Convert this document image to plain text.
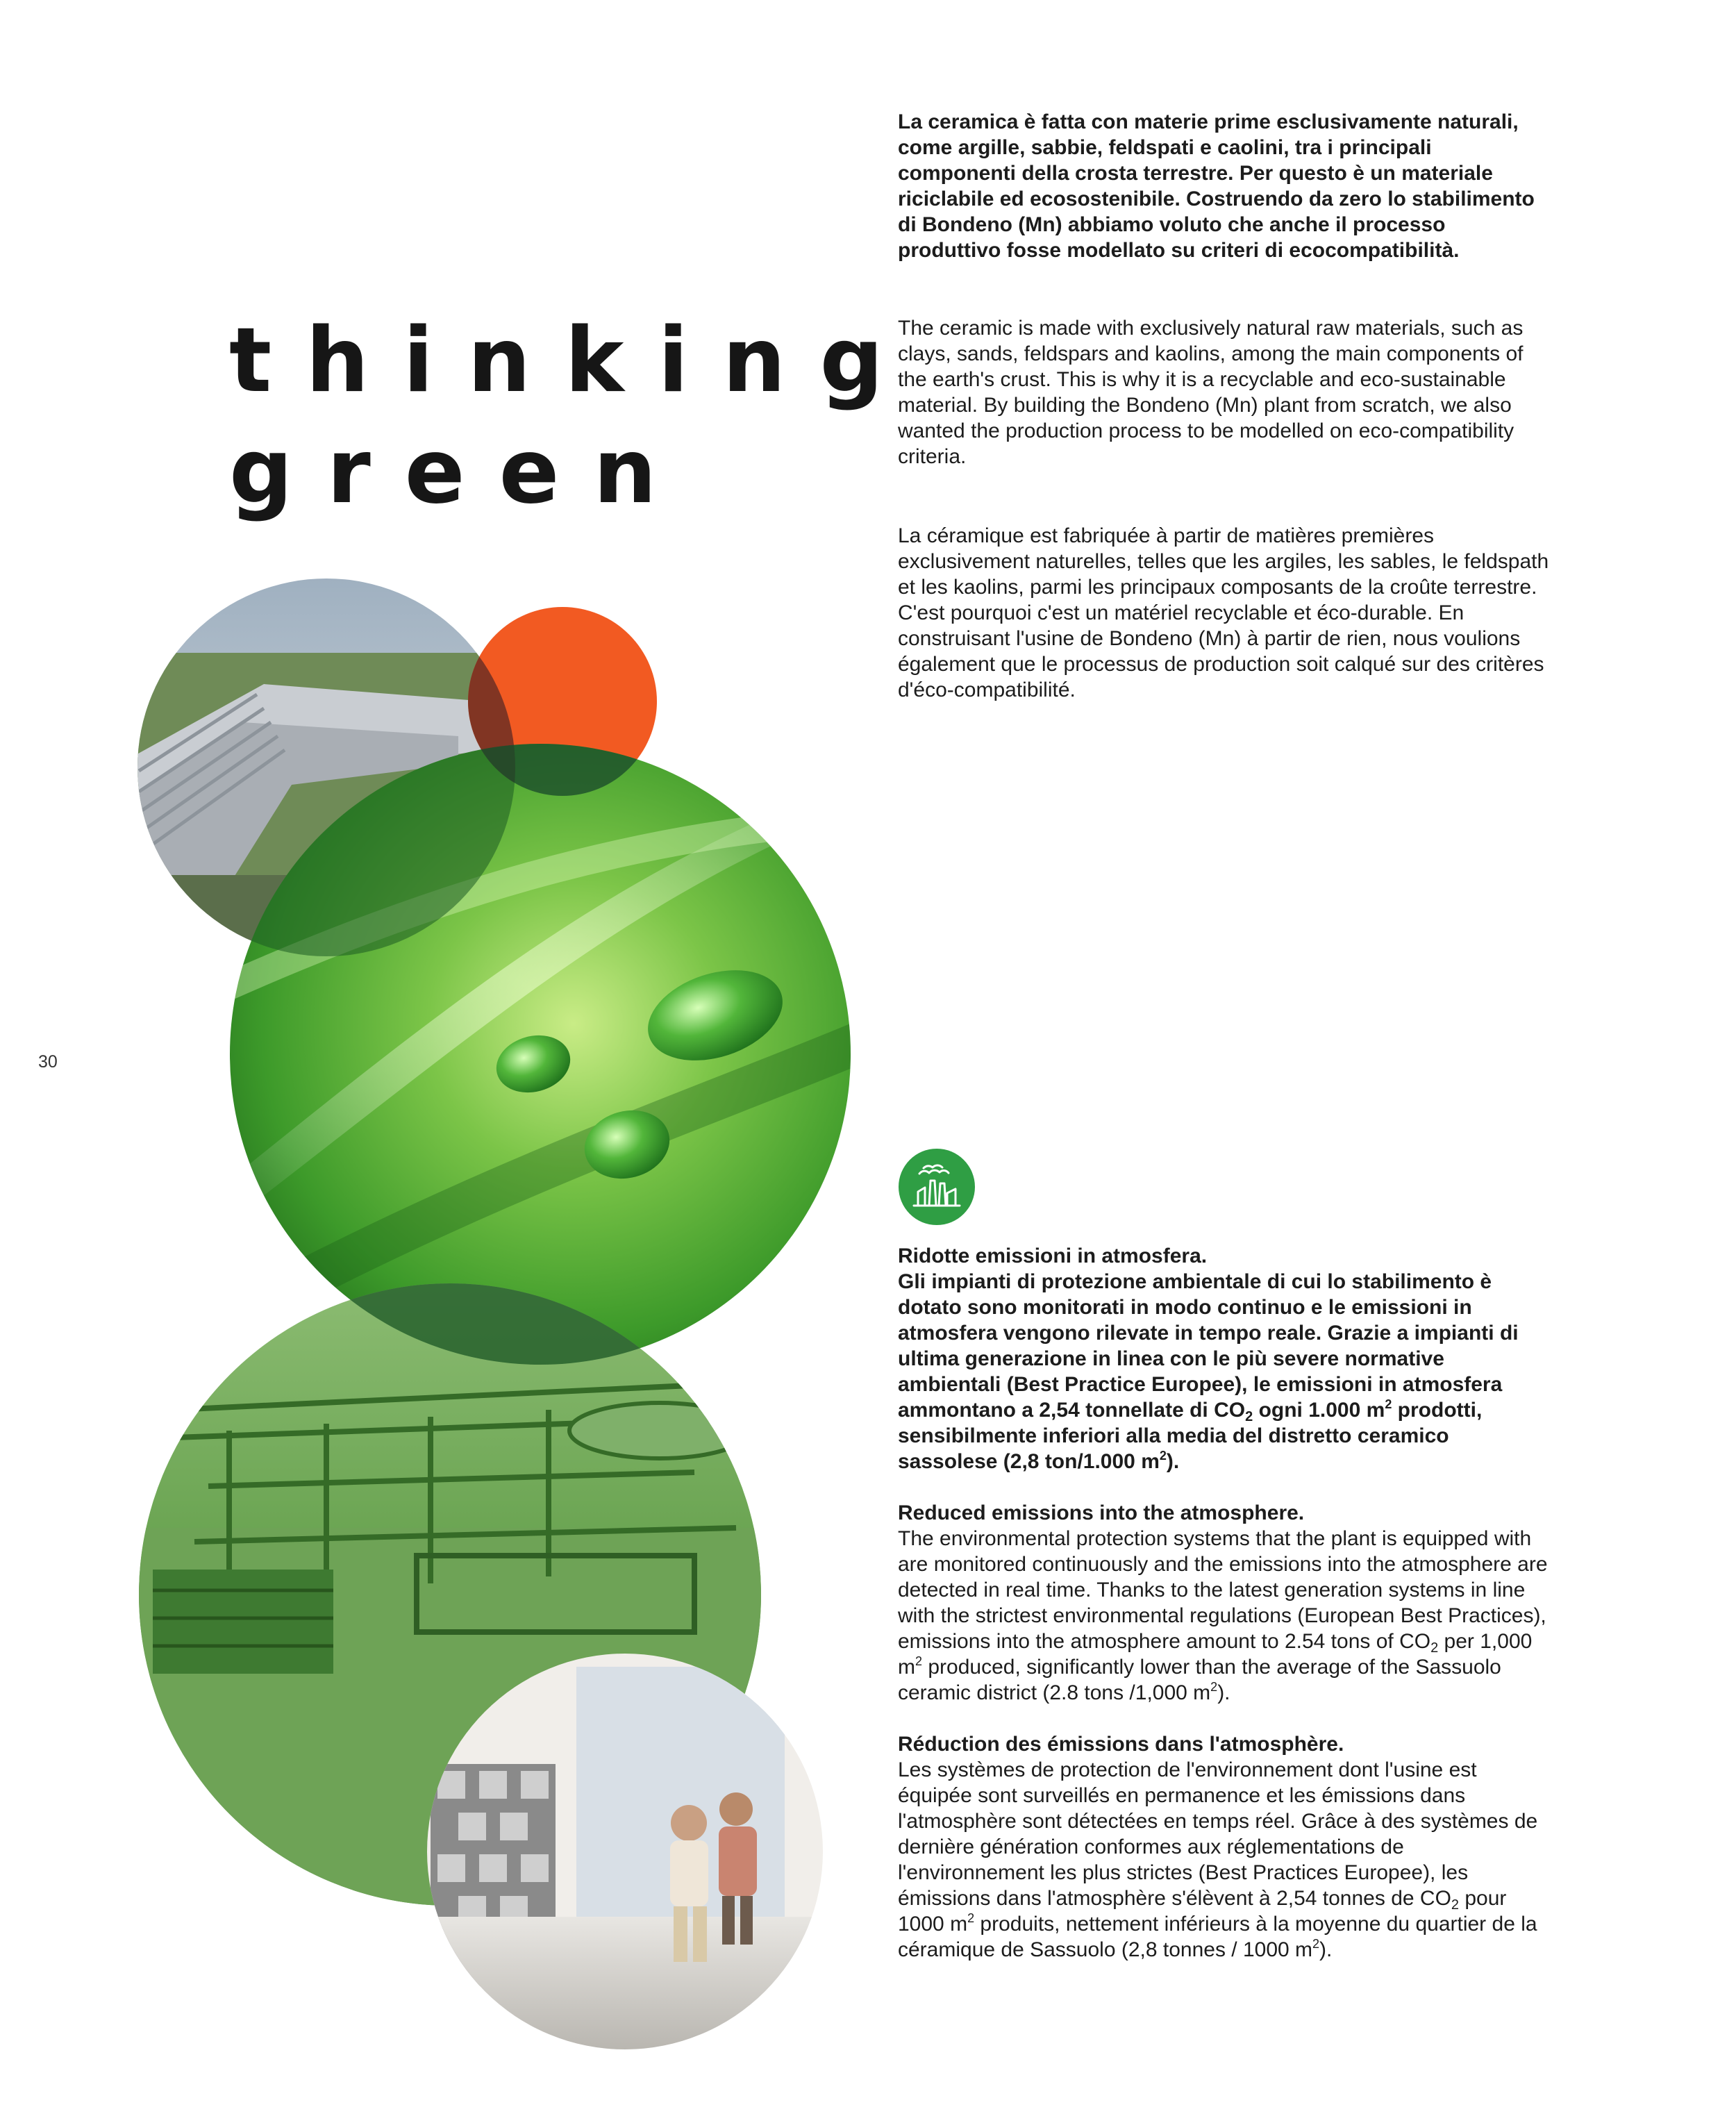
thinking
green
30

La ceramica è fatta con materie prime esclusivamente naturali, come argille, sabbie, feldspati e caolini, tra i principali componenti della crosta terrestre. Per questo è un materiale riciclabile ed ecosostenibile. Costruendo da zero lo stabilimento di Bondeno (Mn) abbiamo voluto che anche il processo produttivo fosse modellato su criteri di ecocompatibilità.

The ceramic is made with exclusively natural raw materials, such as clays, sands, feldspars and kaolins, among the main components of the earth's crust. This is why it is a recyclable and eco-sustainable material. By building the Bondeno (Mn) plant from scratch, we also wanted the production process to be modelled on eco-compatibility criteria.

La céramique est fabriquée à partir de matières premières exclusivement naturelles, telles que les argiles, les sables, le feldspath et les kaolins, parmi les principaux composants de la croûte terrestre. C'est pourquoi c'est un matériel recyclable et éco-durable. En construisant l'usine de Bondeno (Mn) à partir de rien, nous voulions également que le processus de production soit calqué sur des critères d'éco-compatibilité.

Ridotte emissioni in atmosfera.

Gli impianti di protezione ambientale di cui lo stabilimento è dotato sono monitorati in modo continuo e le emissioni in atmosfera vengono rilevate in tempo reale. Grazie a impianti di ultima generazione in linea con le più severe normative ambientali (Best Practice Europee), le emissioni in atmosfera ammontano a 2,54 tonnellate di $CO_2$ ogni 1.000 $m^2$ prodotti, sensibilmente inferiori alla media del distretto ceramico sassolese (2,8 ton/1.000 $m^2$).

Reduced emissions into the atmosphere.

The environmental protection systems that the plant is equipped with are monitored continuously and the emissions into the atmosphere are detected in real time. Thanks to the latest generation systems in line with the strictest environmental regulations (European Best Practices), emissions into the atmosphere amount to 2.54 tons of $CO_2$ per 1,000 $m^2$ produced, significantly lower than the average of the Sassuolo ceramic district (2.8 tons /1,000 $m^2$).

Réduction des émissions dans l'atmosphère.

Les systèmes de protection de l'environnement dont l'usine est équipée sont surveillés en permanence et les émissions dans l'atmosphère sont détectées en temps réel. Grâce à des systèmes de dernière génération conformes aux réglementations de l'environnement les plus strictes (Best Practices Europee), les émissions dans l'atmosphère s'élèvent à 2,54 tonnes de $CO_2$ pour 1000 $m^2$ produits, nettement inférieurs à la moyenne du quartier de la céramique de Sassuolo (2,8 tonnes / 1000 $m^2$).
